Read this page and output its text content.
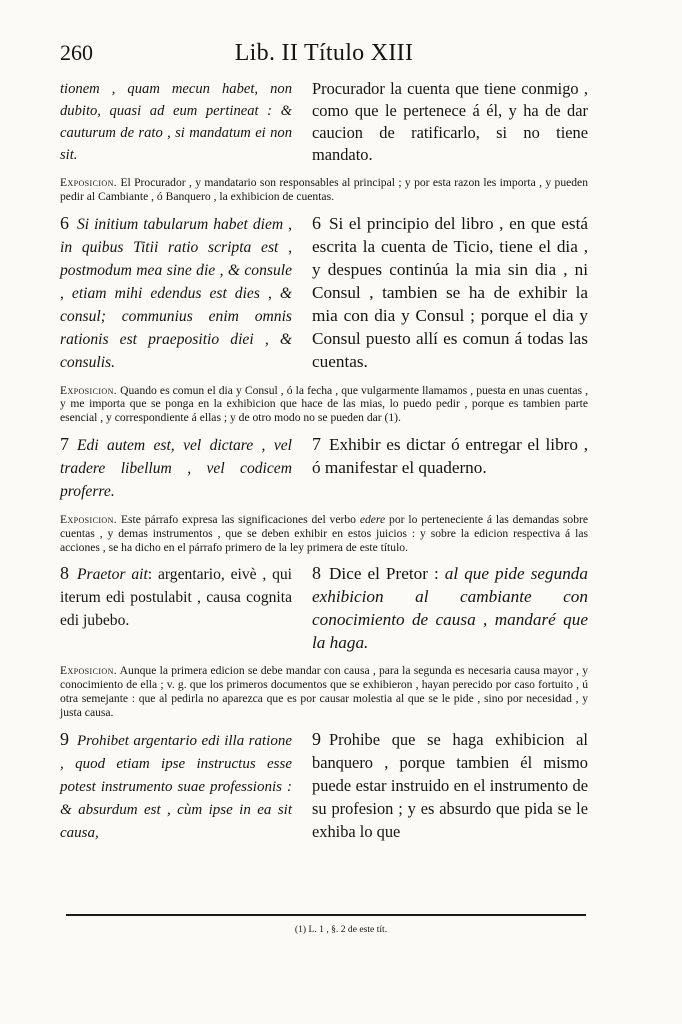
260	Lib. II Título XIII
tionem , quam mecun habet, non dubito, quasi ad eum pertineat : & cauturum de rato , si mandatum ei non sit.
Procurador la cuenta que tiene conmigo , como que le pertenece á él, y ha de dar caucion de ratificarlo, si no tiene mandato.
Exposicion. El Procurador , y mandatario son responsables al principal ; y por esta razon les importa , y pueden pedir al Cambiante , ó Banquero , la exhibicion de cuentas.
6 Si initium tabularum habet diem , in quibus Titii ratio scripta est , postmodum mea sine die , & consule , etiam mihi edendus est dies , & consul; communius enim omnis rationis est praepositio diei , & consulis.
6 Si el principio del libro , en que está escrita la cuenta de Ticio, tiene el dia , y despues continúa la mia sin dia , ni Consul , tambien se ha de exhibir la mia con dia y Consul ; porque el dia y Consul puesto allí es comun á todas las cuentas.
Exposicion. Quando es comun el dia y Consul , ó la fecha , que vulgarmente llamamos , puesta en unas cuentas , y me importa que se ponga en la exhibicion que hace de las mias, lo puedo pedir , porque es tambien parte esencial , y correspondiente á ellas ; y de otro modo no se pueden dar (1).
7 Edi autem est, vel dictare , vel tradere libellum , vel codicem proferre.
7 Exhibir es dictar ó entregar el libro , ó manifestar el quaderno.
Exposicion. Este párrafo expresa las significaciones del verbo edere por lo perteneciente á las demandas sobre cuentas , y demas instrumentos , que se deben exhibir en estos juicios : y sobre la edicion respectiva á las acciones , se ha dicho en el párrafo primero de la ley primera de este título.
8 Praetor ait: argentario, eivè , qui iterum edi postulabit , causa cognita edi jubebo.
8 Dice el Pretor : al que pide segunda exhibicion al cambiante con conocimiento de causa , mandaré que la haga.
Exposicion. Aunque la primera edicion se debe mandar con causa , para la segunda es necesaria causa mayor , y conocimiento de ella ; v. g. que los primeros documentos que se exhibieron , hayan perecido por caso fortuito , ú otra semejante : que al pedirla no aparezca que es por causar molestia al que se le pide , sino por necesidad , y justa causa.
9 Prohibet argentario edi illa ratione , quod etiam ipse instructus esse potest instrumento suae professionis : & absurdum est , cùm ipse in ea sit causa,
9 Prohibe que se haga exhibicion al banquero , porque tambien él mismo puede estar instruido en el instrumento de su profesion ; y es absurdo que pida se le exhiba lo que
(1) L. 1 , §. 2 de este tít.
